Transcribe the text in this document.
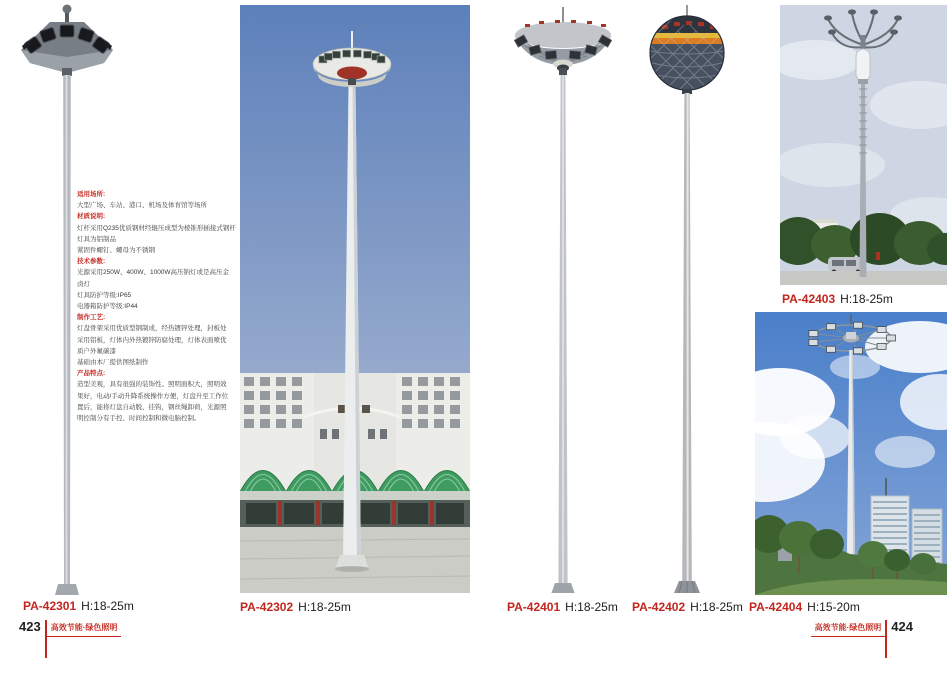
适用场所:
大型广场、车站、港口、机场及体育馆等场所
材质说明:
灯杆采用Q235优质钢材经辊压成型为棱锥形插接式钢杆
灯具为铝制品
紧固件螺钉、螺母为不锈钢
技术参数:
光源采用250W、400W、1000W高压钠灯或是高压金
卤灯
灯具防护等级:IP65
电器箱防护等级:IP44
制作工艺:
灯盘骨架采用优质型钢制成，经热镀锌处理，封板处
采用铝板，灯体内外热镀锌防腐处理，灯体表面喷优
质户外氟碳漆
基础由本厂提供图纸制作
产品特点:
造型美观，具有很强的装饰性。照明面积大，照明效
果好，电动/手动升降系统操作方便，灯盘升至工作位
置后，能将灯盘自动脱、挂钩，钢丝绳卸荷，光源照
明控制分有手控、时间控制和微电脑控制。
PA-42301 H:18-25m	PA-42302 H:18-25m	PA-42401 H:18-25m PA-42402 H:18-25m
PA-42403 H:18-25m
PA-42404 H:15-20m
423	高效节能·绿色照明	高效节能·绿色照明 424
